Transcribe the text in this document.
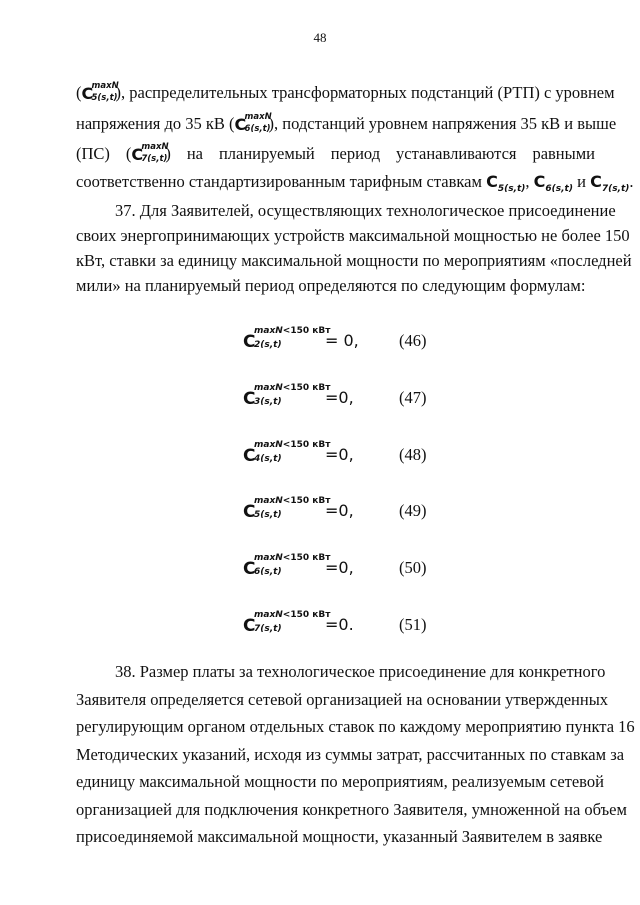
48
( C
maxN
5(s,t)
), распределительных трансформаторных подстанций (РТП) с уровнем
напряжения до 35 кВ ( C
maxN
6(s,t)
), подстанций уровнем напряжения 35 кВ и выше
(ПС) ( C
maxN
7(s,t)
) на планируемый период устанавливаются равными
соответственно стандартизированным тарифным ставкам $C_{5(s,t)}$, $C_{6(s,t)}$ и $C_{7(s,t)}$.
37. Для Заявителей, осуществляющих технологическое присоединение
своих энергопринимающих устройств максимальной мощностью не более 150
кВт, ставки за единицу максимальной мощности по мероприятиям «последней
мили» на планируемый период определяются по следующим формулам:
C
maxN<150 кВт
2(s,t)	= 0, (46)
C
maxN<150 кВт
3(s,t)	=0,	(47)
C
maxN<150 кВт
4(s,t)	=0,	(48)
C
maxN<150 кВт
5(s,t)	=0,	(49)
C
maxN<150 кВт
6(s,t)	=0,	(50)
C
maxN<150 кВт
7(s,t)	=0.	(51)
38. Размер платы за технологическое присоединение для конкретного
Заявителя определяется сетевой организацией на основании утвержденных
регулирующим органом отдельных ставок по каждому мероприятию пункта 16
Методических указаний, исходя из суммы затрат, рассчитанных по ставкам за
единицу максимальной мощности по мероприятиям, реализуемым сетевой
организацией для подключения конкретного Заявителя, умноженной на объем
присоединяемой максимальной мощности, указанный Заявителем в заявке
